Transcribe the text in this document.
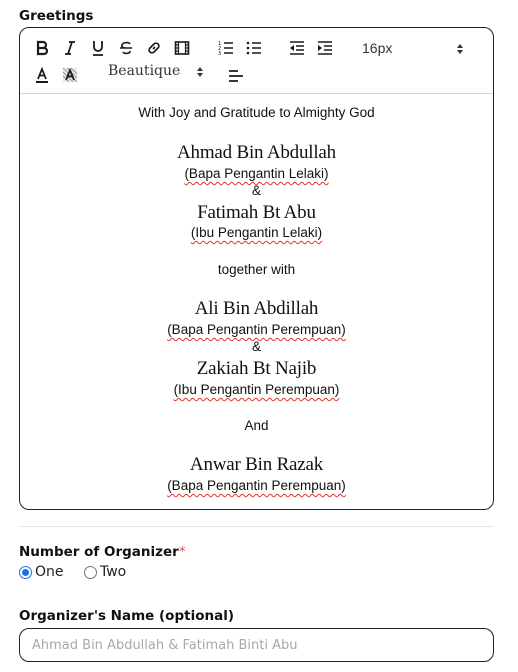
Greetings
1
2
3	16px
Beautique
With Joy and Gratitude to Almighty God
Ahmad Bin Abdullah
(Bapa Pengantin Lelaki)
&
Fatimah Bt Abu
(Ibu Pengantin Lelaki)
together with
Ali Bin Abdillah
(Bapa Pengantin Perempuan)
&
Zakiah Bt Najib
(Ibu Pengantin Perempuan)
And
Anwar Bin Razak
(Bapa Pengantin Perempuan)
Number of Organizer*
One	Two
Organizer's Name (optional)
Ahmad Bin Abdullah & Fatimah Binti Abu
